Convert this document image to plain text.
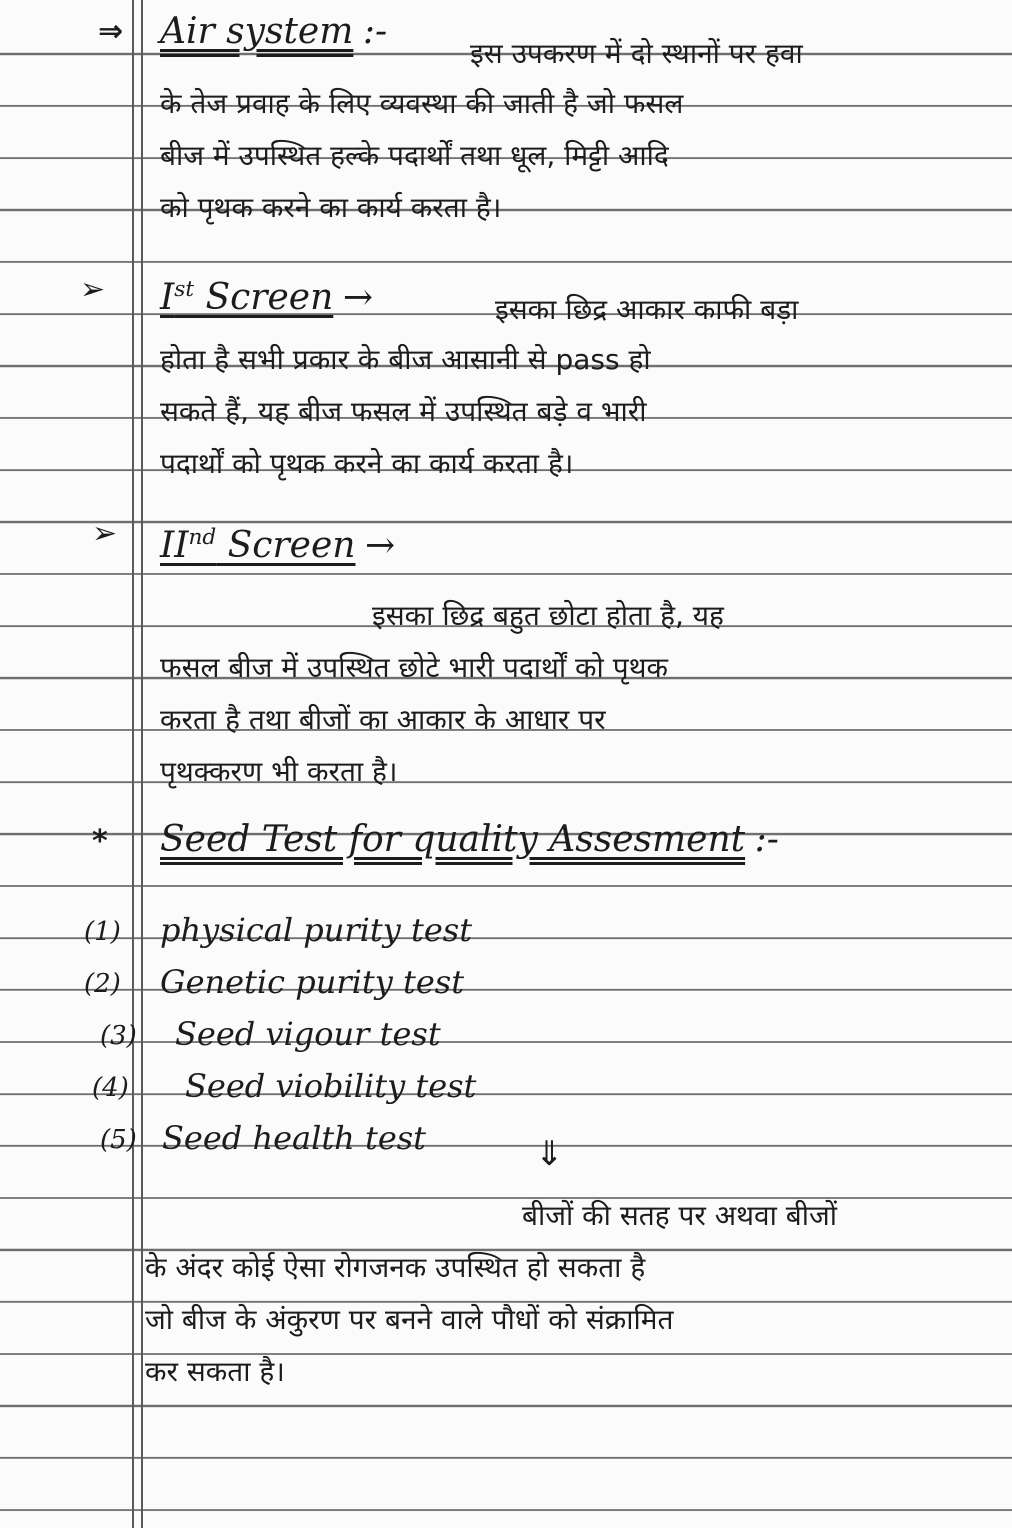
⇒ Air system :-
इस उपकरण में दो स्थानों पर हवा
के तेज प्रवाह के लिए व्यवस्था की जाती है जो फसल
बीज में उपस्थित हल्के पदार्थों तथा धूल, मिट्टी आदि
को पृथक करने का कार्य करता है।
➢ Ist Screen →	इसका छिद्र आकार काफी बड़ा
होता है सभी प्रकार के बीज आसानी से pass हो
सकते हैं, यह बीज फसल में उपस्थित बड़े व भारी
पदार्थों को पृथक करने का कार्य करता है।
➢ IInd Screen →
इसका छिद्र बहुत छोटा होता है, यह
फसल बीज में उपस्थित छोटे भारी पदार्थों को पृथक
करता है तथा बीजों का आकार के आधार पर
पृथक्करण भी करता है।
* Seed Test for quality Assesment :-
(1) physical purity test
(2) Genetic purity test
(3) Seed vigour test
(4) Seed viobility test
(5) Seed health test	⇓
बीजों की सतह पर अथवा बीजों
के अंदर कोई ऐसा रोगजनक उपस्थित हो सकता है
जो बीज के अंकुरण पर बनने वाले पौधों को संक्रामित
कर सकता है।
